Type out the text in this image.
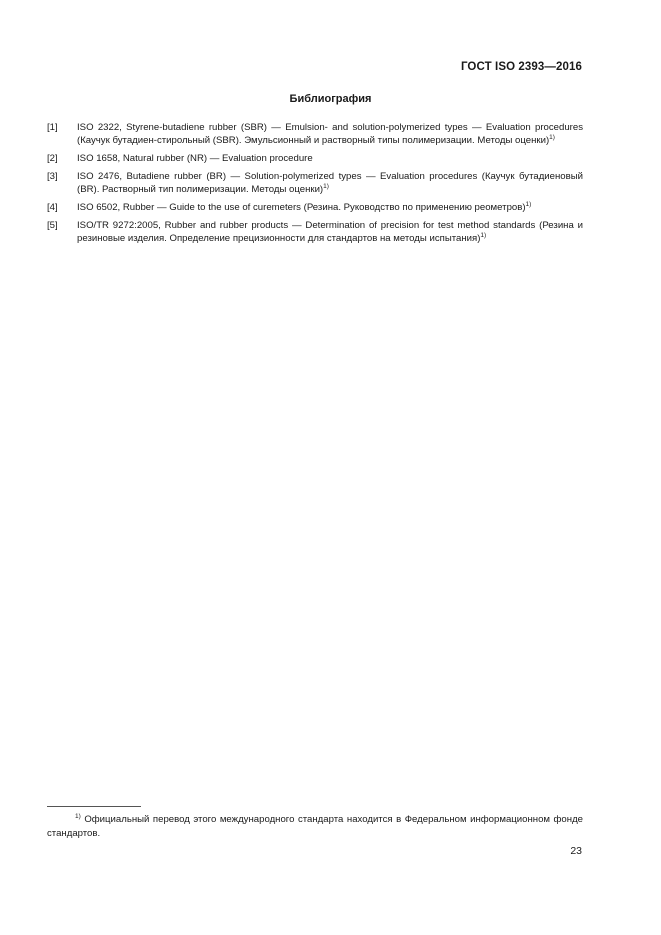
ГОСТ ISO 2393—2016
Библиография
[1]	ISO 2322, Styrene-butadiene rubber (SBR) — Emulsion- and solution-polymerized types — Evaluation procedures (Каучук бутадиен-стирольный (SBR). Эмульсионный и растворный типы полимеризации. Методы оценки)$^{1)}$
[2]	ISO 1658, Natural rubber (NR) — Evaluation procedure
[3]	ISO 2476, Butadiene rubber (BR) — Solution-polymerized types — Evaluation procedures (Каучук бутадиеновый (BR). Растворный тип полимеризации. Методы оценки)$^{1)}$
[4]	ISO 6502, Rubber — Guide to the use of curemeters (Резина. Руководство по применению реометров)$^{1)}$
[5]	ISO/TR 9272:2005, Rubber and rubber products — Determination of precision for test method standards (Резина и резиновые изделия. Определение прецизионности для стандартов на методы испытания)$^{1)}$
$^{1)}$ Официальный перевод этого международного стандарта находится в Федеральном информационном фонде стандартов.
23
